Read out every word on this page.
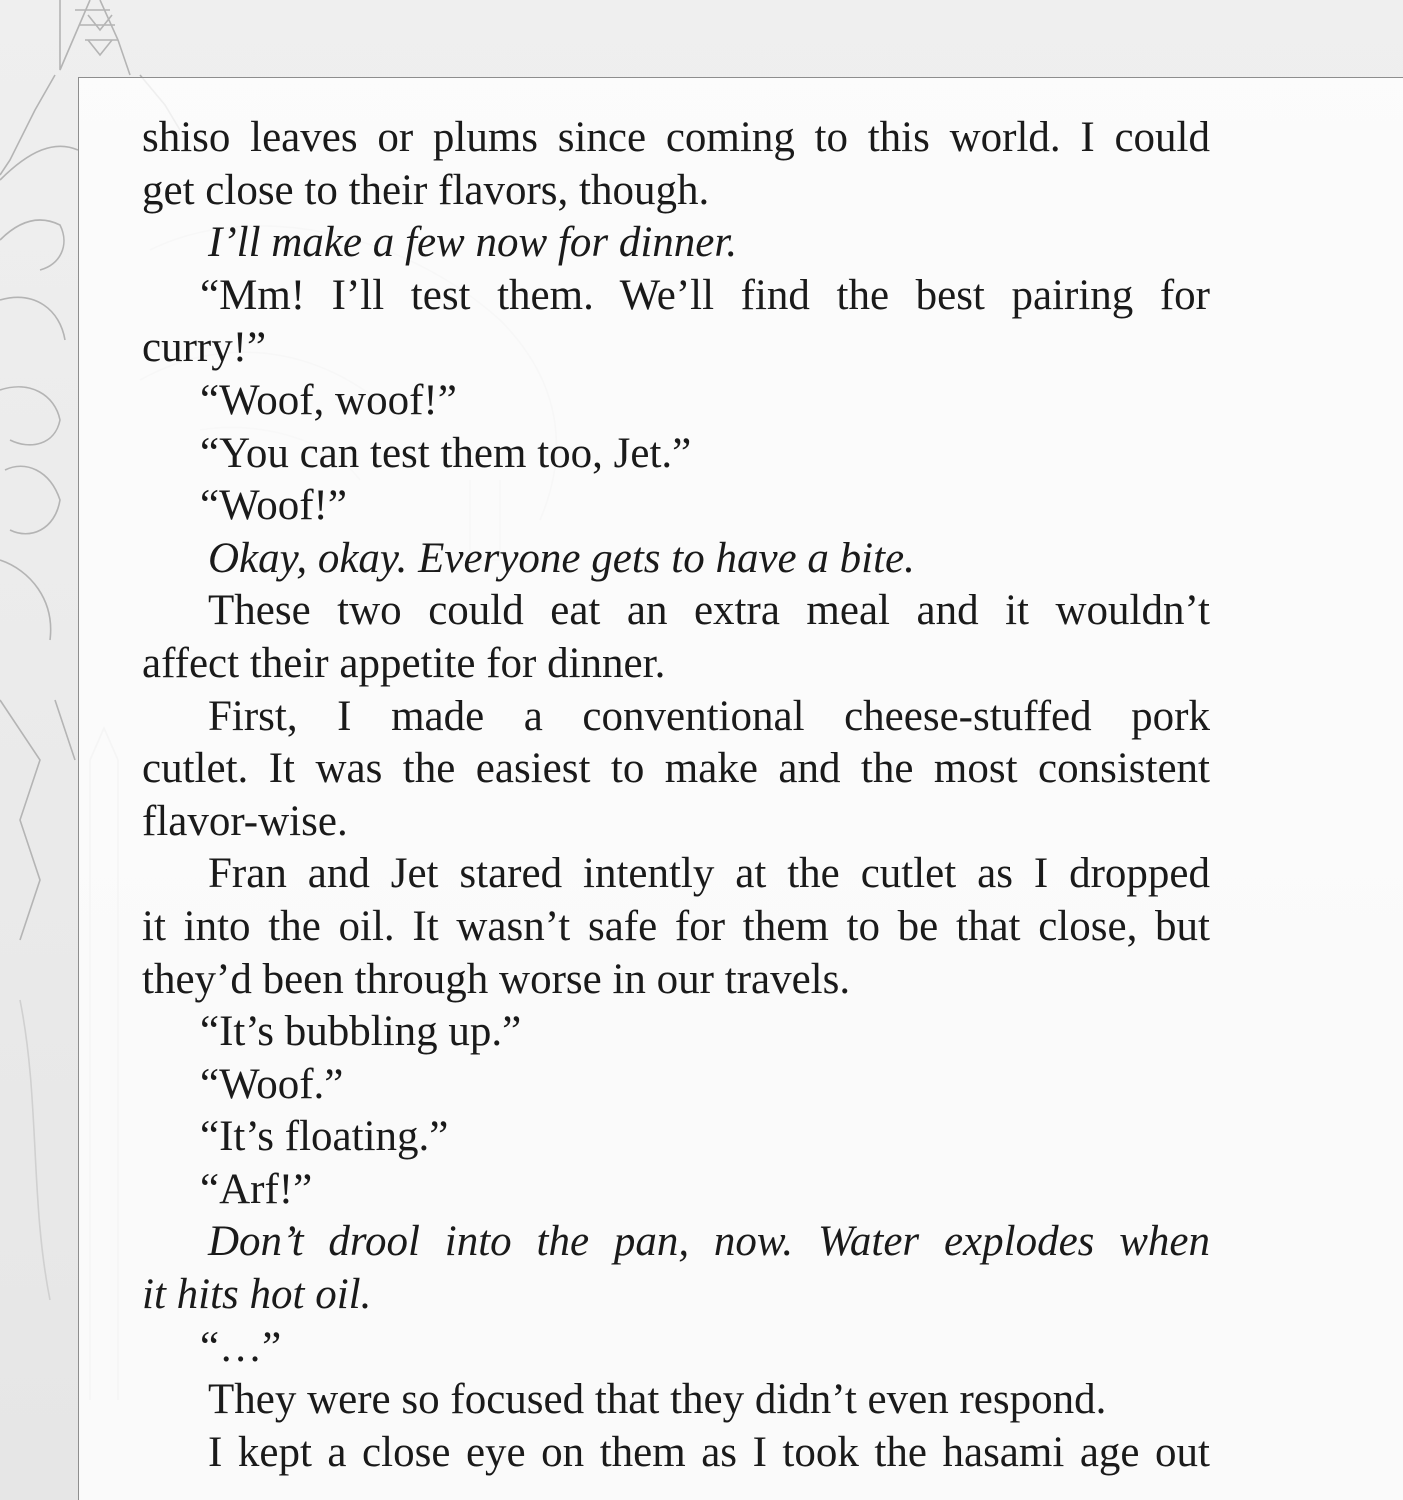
shiso leaves or plums since coming to this world. I could
get close to their flavors, though.
I’ll make a few now for dinner.
“Mm! I’ll test them. We’ll find the best pairing for
curry!”
“Woof, woof!”
“You can test them too, Jet.”
“Woof!”
Okay, okay. Everyone gets to have a bite.
These two could eat an extra meal and it wouldn’t
affect their appetite for dinner.
First, I made a conventional cheese-stuffed pork
cutlet. It was the easiest to make and the most consistent
flavor-wise.
Fran and Jet stared intently at the cutlet as I dropped
it into the oil. It wasn’t safe for them to be that close, but
they’d been through worse in our travels.
“It’s bubbling up.”
“Woof.”
“It’s floating.”
“Arf!”
Don’t drool into the pan, now. Water explodes when
it hits hot oil.
“…”
They were so focused that they didn’t even respond.
I kept a close eye on them as I took the hasami age out
